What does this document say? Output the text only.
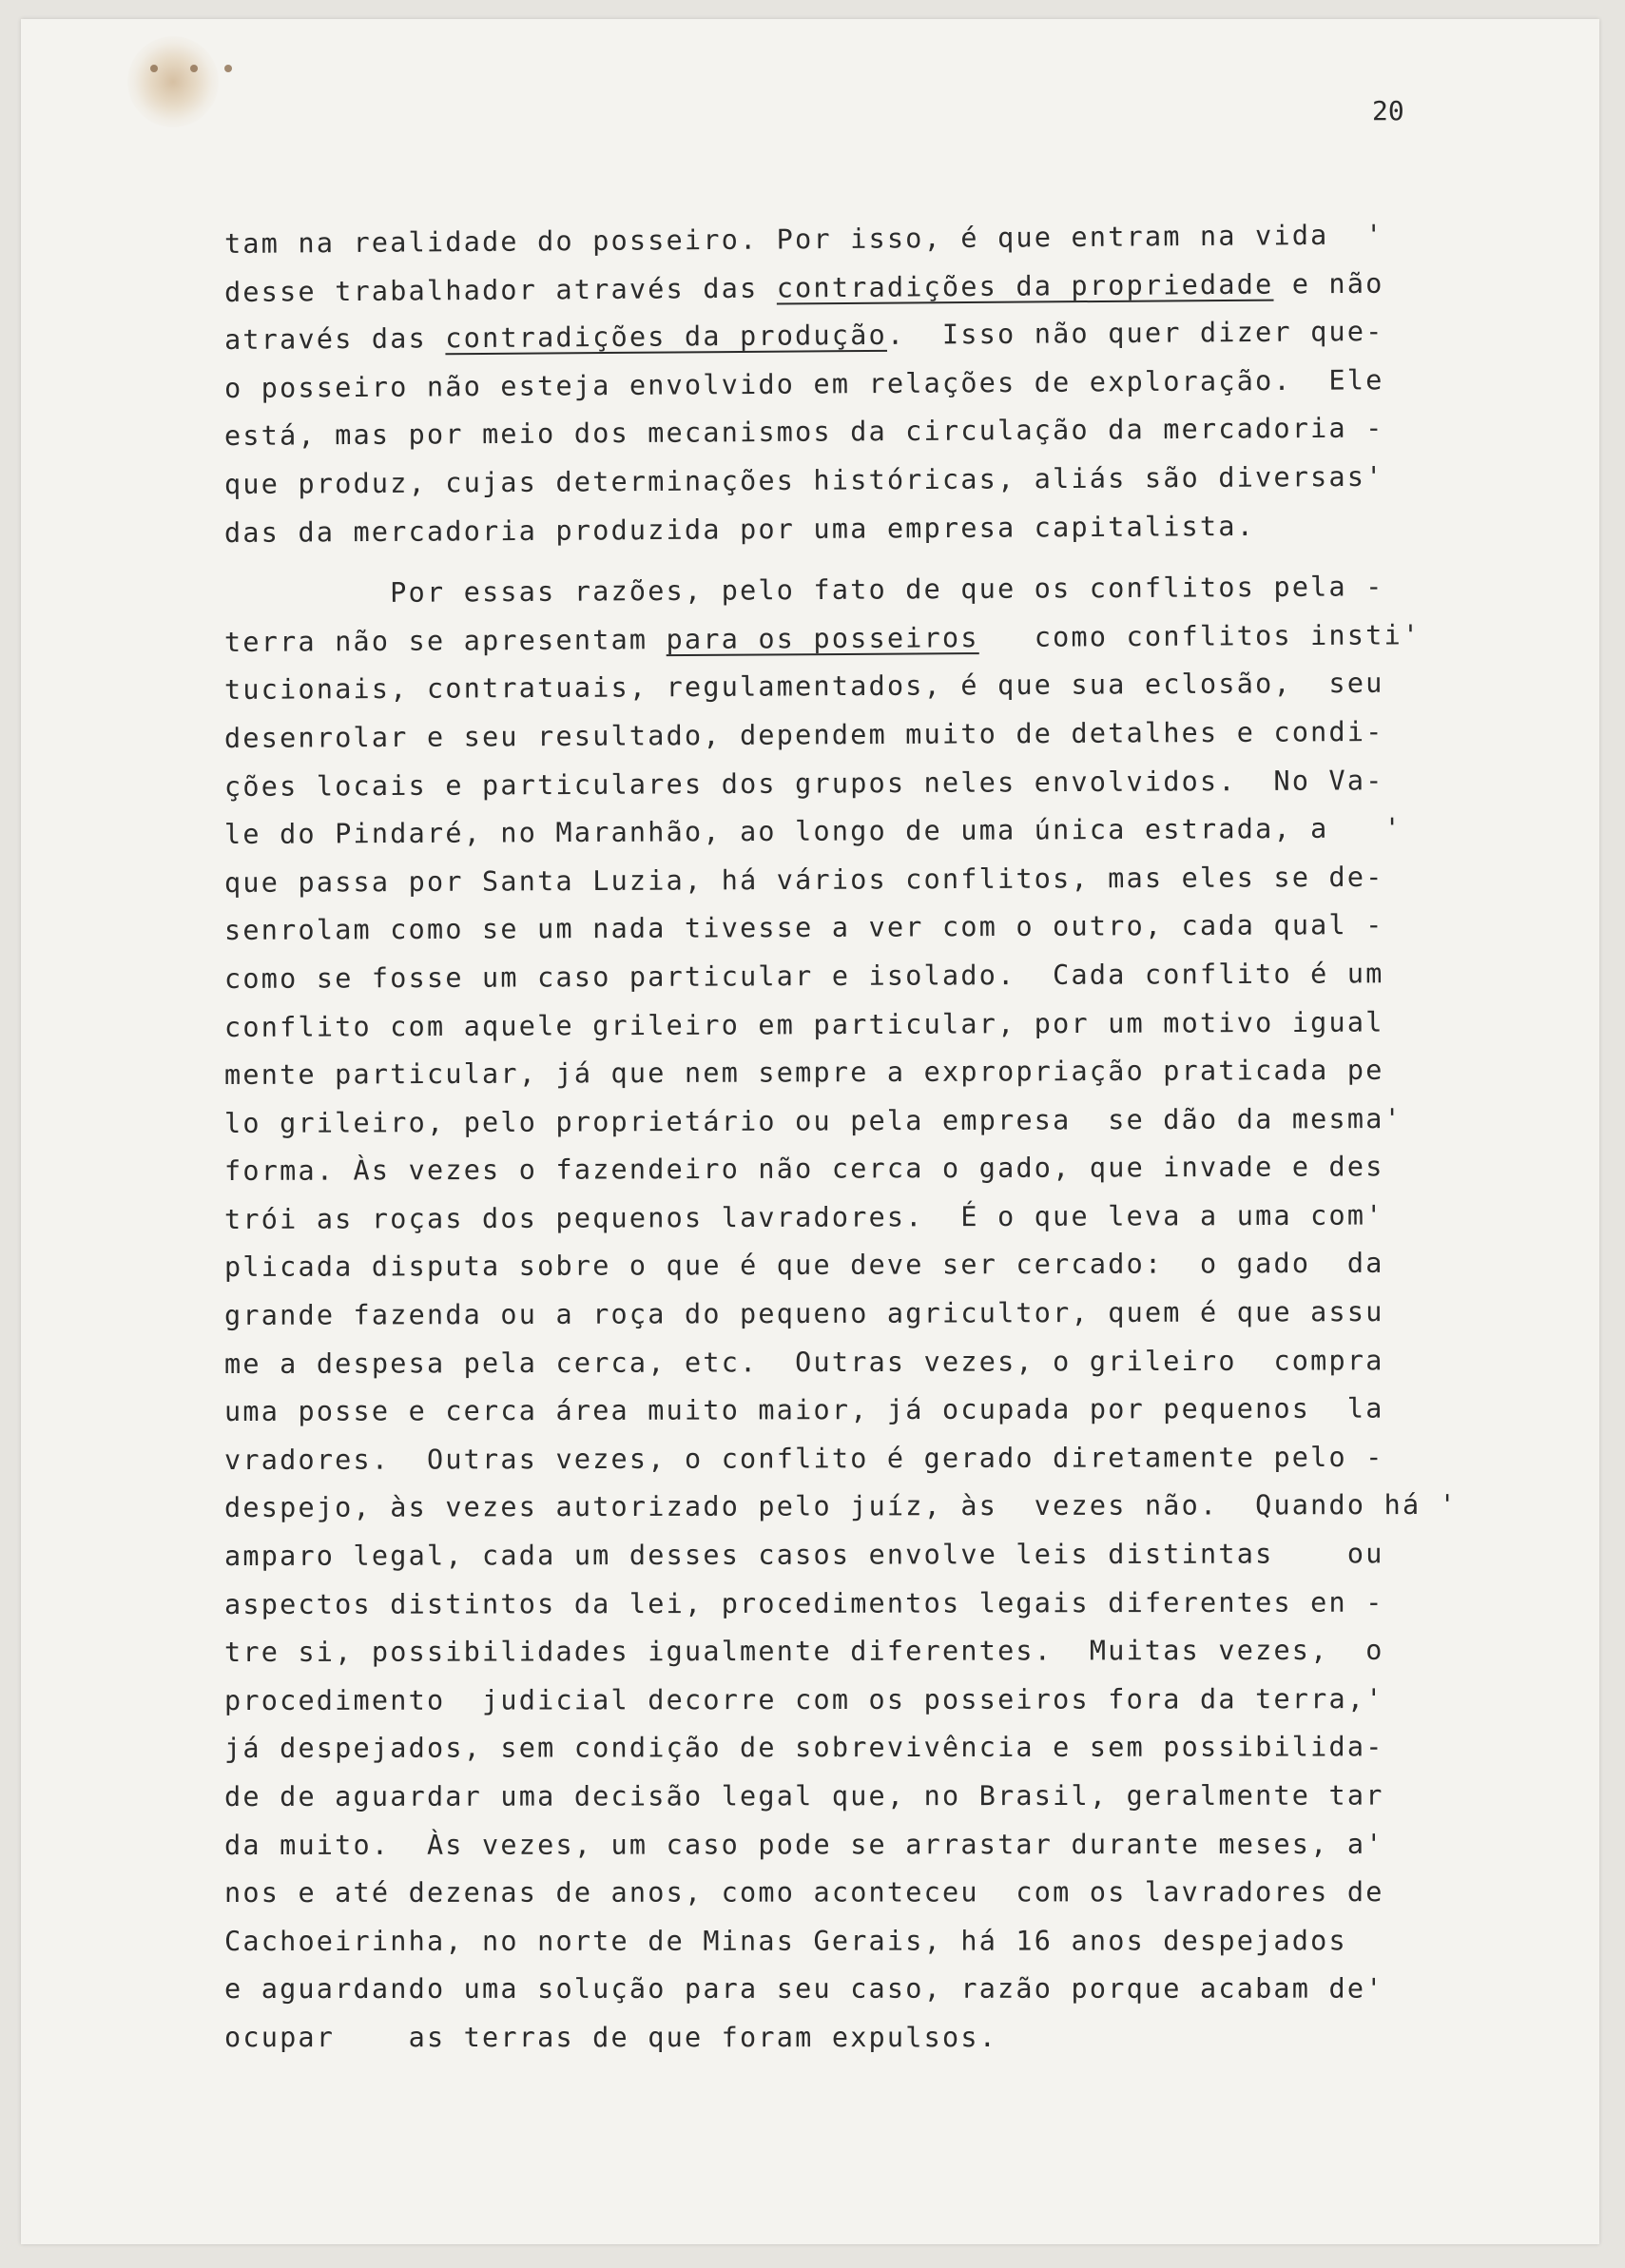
20
tam na realidade do posseiro. Por isso, é que entram na vida  '
desse trabalhador através das contradições da propriedade e não
através das contradições da produção.  Isso não quer dizer que-
o posseiro não esteja envolvido em relações de exploração.  Ele
está, mas por meio dos mecanismos da circulação da mercadoria -
que produz, cujas determinações históricas, aliás são diversas'
das da mercadoria produzida por uma empresa capitalista.
Por essas razões, pelo fato de que os conflitos pela -
terra não se apresentam para os posseiros   como conflitos insti'
tucionais, contratuais, regulamentados, é que sua eclosão,  seu
desenrolar e seu resultado, dependem muito de detalhes e condi-
ções locais e particulares dos grupos neles envolvidos.  No Va-
le do Pindaré, no Maranhão, ao longo de uma única estrada, a   '
que passa por Santa Luzia, há vários conflitos, mas eles se de-
senrolam como se um nada tivesse a ver com o outro, cada qual -
como se fosse um caso particular e isolado.  Cada conflito é um
conflito com aquele grileiro em particular, por um motivo igual
mente particular, já que nem sempre a expropriação praticada pe
lo grileiro, pelo proprietário ou pela empresa  se dão da mesma'
forma. Às vezes o fazendeiro não cerca o gado, que invade e des
trói as roças dos pequenos lavradores.  É o que leva a uma com'
plicada disputa sobre o que é que deve ser cercado:  o gado  da
grande fazenda ou a roça do pequeno agricultor, quem é que assu
me a despesa pela cerca, etc.  Outras vezes, o grileiro  compra
uma posse e cerca área muito maior, já ocupada por pequenos  la
vradores.  Outras vezes, o conflito é gerado diretamente pelo -
despejo, às vezes autorizado pelo juíz, às  vezes não.  Quando há '
amparo legal, cada um desses casos envolve leis distintas    ou
aspectos distintos da lei, procedimentos legais diferentes en -
tre si, possibilidades igualmente diferentes.  Muitas vezes,  o
procedimento  judicial decorre com os posseiros fora da terra,'
já despejados, sem condição de sobrevivência e sem possibilida-
de de aguardar uma decisão legal que, no Brasil, geralmente tar
da muito.  Às vezes, um caso pode se arrastar durante meses, a'
nos e até dezenas de anos, como aconteceu  com os lavradores de
Cachoeirinha, no norte de Minas Gerais, há 16 anos despejados
e aguardando uma solução para seu caso, razão porque acabam de'
ocupar    as terras de que foram expulsos.
